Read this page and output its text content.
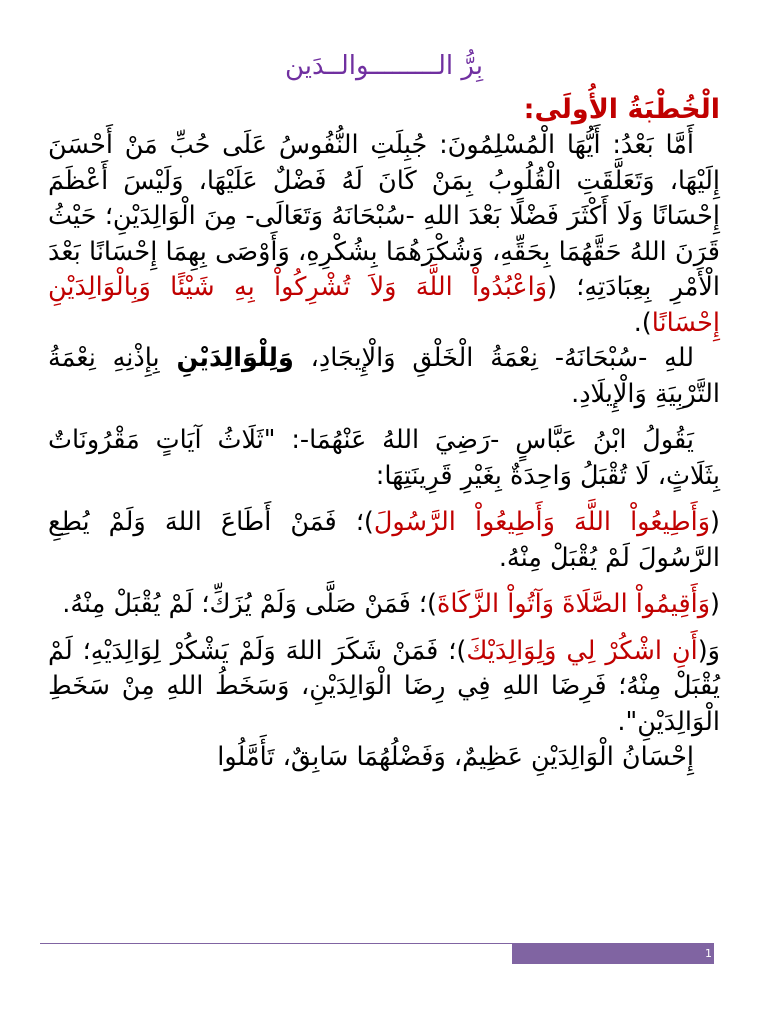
بِرُّ الـــــــــوالــدَين

الْخُطْبَةُ الأُولَى:

أَمَّا بَعْدُ: أَيُّهَا الْمُسْلِمُونَ: جُبِلَتِ النُّفُوسُ عَلَى حُبِّ مَنْ أَحْسَنَ إِلَيْهَا، وَتَعَلَّقَتِ الْقُلُوبُ بِمَنْ كَانَ لَهُ فَضْلٌ عَلَيْهَا، وَلَيْسَ أَعْظَمَ إِحْسَانًا وَلَا أَكْثَرَ فَضْلًا بَعْدَ اللهِ -سُبْحَانَهُ وَتَعَالَى- مِنَ الْوَالِدَيْنِ؛ حَيْثُ قَرَنَ اللهُ حَقَّهُمَا بِحَقِّهِ، وَشُكْرَهُمَا بِشُكْرِهِ، وَأَوْصَى بِهِمَا إِحْسَانًا بَعْدَ الْأَمْرِ بِعِبَادَتِهِ؛ (وَاعْبُدُواْ اللَّهَ وَلاَ تُشْرِكُواْ بِهِ شَيْئًا وَبِالْوَالِدَيْنِ إِحْسَانًا).

للهِ -سُبْحَانَهُ- نِعْمَةُ الْخَلْقِ وَالْإِيجَادِ، وَلِلْوَالِدَيْنِ بِإِذْنِهِ نِعْمَةُ التَّرْبِيَةِ وَالْإِيلَادِ.

يَقُولُ ابْنُ عَبَّاسٍ -رَضِيَ اللهُ عَنْهُمَا-: "ثَلَاثُ آيَاتٍ مَقْرُونَاتٌ بِثَلَاثٍ، لَا تُقْبَلُ وَاحِدَةٌ بِغَيْرِ قَرِينَتِهَا:

(وَأَطِيعُواْ اللَّهَ وَأَطِيعُواْ الرَّسُولَ)؛ فَمَنْ أَطَاعَ اللهَ وَلَمْ يُطِعِ الرَّسُولَ لَمْ يُقْبَلْ مِنْهُ.

(وَأَقِيمُواْ الصَّلَاةَ وَآتُواْ الزَّكَاةَ)؛ فَمَنْ صَلَّى وَلَمْ يُزَكِّ؛ لَمْ يُقْبَلْ مِنْهُ.

وَ(أَنِ اشْكُرْ لِي وَلِوَالِدَيْكَ)؛ فَمَنْ شَكَرَ اللهَ وَلَمْ يَشْكُرْ لِوَالِدَيْهِ؛ لَمْ يُقْبَلْ مِنْهُ؛ فَرِضَا اللهِ فِي رِضَا الْوَالِدَيْنِ، وَسَخَطُ اللهِ مِنْ سَخَطِ الْوَالِدَيْنِ".

إِحْسَانُ الْوَالِدَيْنِ عَظِيمٌ، وَفَضْلُهُمَا سَابِقٌ، تَأَمَّلُوا

1
